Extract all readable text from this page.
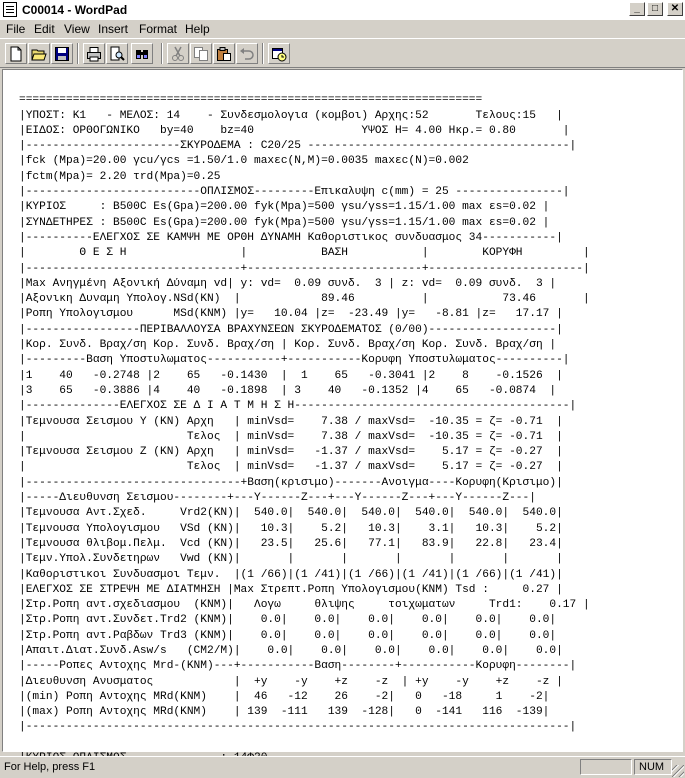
C00014 - WordPad	_	□	✕
File Edit View Insert Format Help
=====================================================================
|ΥΠΟΣΤ: K1   - ΜΕΛΟΣ: 14    - Συνδεσμολογια (κομβοι) Αρχης:52       Τελους:15   |
|ΕΙΔΟΣ: ΟΡΘΟΓΩΝΙΚΟ   by=40    bz=40                ΥΨΟΣ H= 4.00 Hκρ.= 0.80       |
|-----------------------ΣΚΥΡΟΔΕΜΑ : C20/25 ---------------------------------------|
|fck (Mpa)=20.00 γcu/γcs =1.50/1.0 maxεc(N,M)=0.0035 maxεc(N)=0.002
|fctm(Mpa)= 2.20 τrd(Mpa)=0.25
|--------------------------ΟΠΛΙΣΜΟΣ---------Επικαλυψη c(mm) = 25 ----------------|
|ΚΥΡΙΟΣ     : B500C Es(Gpa)=200.00 fyk(Mpa)=500 γsu/γss=1.15/1.00 max εs=0.02 |
|ΣΥΝΔΕΤΗΡΕΣ : B500C Es(Gpa)=200.00 fyk(Mpa)=500 γsu/γss=1.15/1.00 max εs=0.02 |
|----------ΕΛΕΓΧΟΣ ΣΕ ΚΑΜΨΗ ΜΕ ΟΡΘΗ ΔΥΝΑΜΗ Καθοριστικος συνδυασμος 34-----------|
|        Θ Ε Σ Η                 |           ΒΑΣΗ           |        ΚΟΡΥΦΗ         |
|--------------------------------+--------------------------+-----------------------|
|Max Ανηγμένη Αξονική Δύναμη vd| y: vd=  0.09 συνδ.  3 | z: vd=  0.09 συνδ.  3 |
|Αξονικη Δυναμη Υπολογ.NSd(KN)  |            89.46          |           73.46       |
|Ροπη Υπολογισμου      MSd(KNM) |y=   10.04 |z=  -23.49 |y=   -8.81 |z=   17.17 |
|-----------------ΠΕΡΙΒΑΛΛΟΥΣΑ ΒΡΑΧΥΝΣΕΩΝ ΣΚΥΡΟΔΕΜΑΤΟΣ (0/00)-------------------|
|Κορ. Συνδ. Βραχ/ση Κορ. Συνδ. Βραχ/ση | Κορ. Συνδ. Βραχ/ση Κορ. Συνδ. Βραχ/ση |
|---------Βαση Υποστυλωματος-----------+-----------Κορυφη Υποστυλωματος----------|
|1    40   -0.2748 |2    65   -0.1430  |  1    65   -0.3041 |2    8    -0.1526  |
|3    65   -0.3886 |4    40   -0.1898  | 3    40   -0.1352 |4    65   -0.0874  |
|--------------ΕΛΕΓΧΟΣ ΣΕ Δ Ι Α Τ Μ Η Σ Η-----------------------------------------|
|Τεμνουσα Σεισμου Y (KN) Αρχη   | minVsd=    7.38 / maxVsd=  -10.35 = ζ= -0.71  |
|                        Τελος  | minVsd=    7.38 / maxVsd=  -10.35 = ζ= -0.71  |
|Τεμνουσα Σεισμου Z (KN) Αρχη   | minVsd=   -1.37 / maxVsd=    5.17 = ζ= -0.27  |
|                        Τελος  | minVsd=   -1.37 / maxVsd=    5.17 = ζ= -0.27  |
|--------------------------------+Βαση(κρισιμο)-------Ανοιγμα----Κορυφη(Κρισιμο)|
|-----Διευθυνση Σεισμου--------+---Y------Z---+---Y------Z---+---Y------Z---|
|Τεμνουσα Αντ.Σχεδ.     Vrd2(KN)|  540.0|  540.0|  540.0|  540.0|  540.0|  540.0|
|Τεμνουσα Υπολογισμου   VSd (KN)|   10.3|    5.2|   10.3|    3.1|   10.3|    5.2|
|Τεμνουσα θλιβομ.Πελμ.  Vcd (KN)|   23.5|   25.6|   77.1|   83.9|   22.8|   23.4|
|Τεμν.Υπολ.Συνδετηρων   Vwd (KN)|       |       |       |       |       |       |
|Καθοριστικοι Συνδυασμοι Τεμν.  |(1 /66)|(1 /41)|(1 /66)|(1 /41)|(1 /66)|(1 /41)|
|ΕΛΕΓΧΟΣ ΣΕ ΣΤΡΕΨΗ ΜΕ ΔΙΑΤΜΗΣΗ |Max Στρεπτ.Ροπη Υπολογισμου(KNM) Tsd :     0.27 |
|Στρ.Ροπη αντ.σχεδιασμου  (KNM)|   Λογω     θλιψης     τοιχωματων     Trd1:    0.17 |
|Στρ.Ροπη αντ.Συνδετ.Trd2 (KNM)|    0.0|    0.0|    0.0|    0.0|    0.0|    0.0|
|Στρ.Ροπη αντ.Ραβδων Trd3 (KNM)|    0.0|    0.0|    0.0|    0.0|    0.0|    0.0|
|Απαιτ.Διατ.Συνδ.Asw/s   (CM2/M)|    0.0|    0.0|    0.0|    0.0|    0.0|    0.0|
|-----Ροπες Αντοχης Mrd-(KNM)---+-----------Βαση--------+-----------Κορυφη--------|
|Διευθυνση Ανυσματος            |  +y    -y    +z    -z  | +y    -y    +z    -z |
|(min) Ροπη Αντοχης MRd(KNM)    |  46   -12    26    -2|   0   -18     1    -2|
|(max) Ροπη Αντοχης MRd(KNM)    | 139  -111   139  -128|   0  -141   116  -139|
|---------------------------------------------------------------------------------|
For Help, press F1	NUM
